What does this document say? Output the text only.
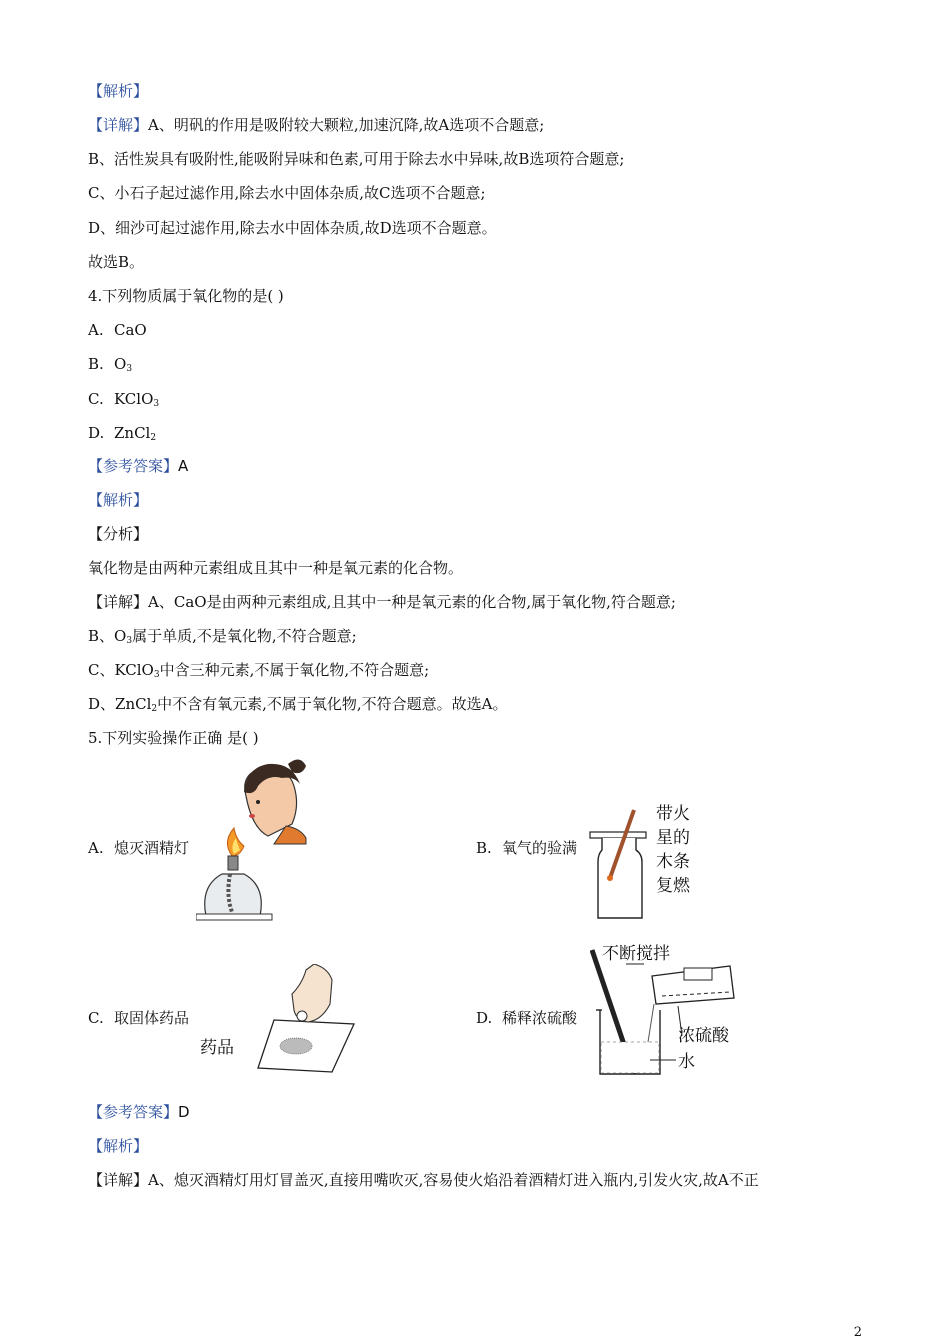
【解析】
【详解】A、明矾的作用是吸附较大颗粒,加速沉降,故A选项不合题意;
B、活性炭具有吸附性,能吸附异味和色素,可用于除去水中异味,故B选项符合题意;
C、小石子起过滤作用,除去水中固体杂质,故C选项不合题意;
D、细沙可起过滤作用,除去水中固体杂质,故D选项不合题意。
故选B。
4.下列物质属于氧化物的是( )
A. CaO
B. $O_3$
C. KClO$_3$
D. ZnCl$_2$
【参考答案】A
【解析】
【分析】
氧化物是由两种元素组成且其中一种是氧元素的化合物。
【详解】A、CaO是由两种元素组成,且其中一种是氧元素的化合物,属于氧化物,符合题意;
B、$O_3$属于单质,不是氧化物,不符合题意;
C、KClO$_3$中含三种元素,不属于氧化物,不符合题意;
D、ZnCl$_2$中不含有氧元素,不属于氧化物,不符合题意。故选A。
5.下列实验操作正确 是( )
A. 熄灭酒精灯	B. 氧气的验满
带火
星的
木条
复燃
C. 取固体药品
药品
D. 稀释浓硫酸
不断搅拌
浓硫酸
水
【参考答案】D
【解析】
【详解】A、熄灭酒精灯用灯冒盖灭,直接用嘴吹灭,容易使火焰沿着酒精灯进入瓶内,引发火灾,故A不正
2
